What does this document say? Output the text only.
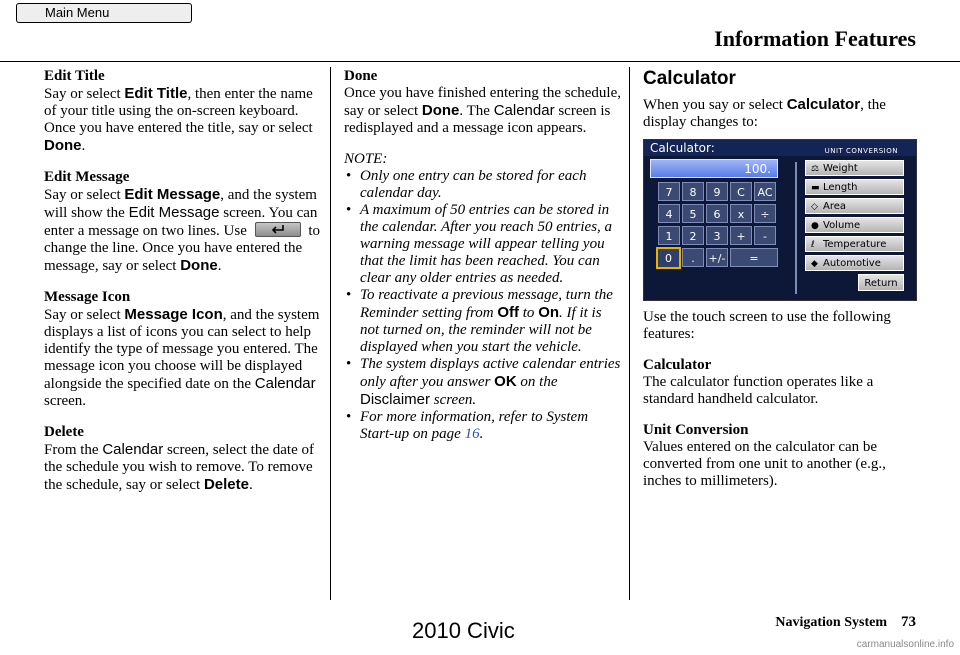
Main Menu
Information Features
Edit Title

Say or select Edit Title, then enter the name of your title using the on-screen keyboard. Once you have entered the title, say or select Done.

Edit Message

Say or select Edit Message, and the system will show the Edit Message screen. You can enter a message on two lines. Use	to change the line. Once you have entered the message, say or select Done.

Message Icon

Say or select Message Icon, and the system displays a list of icons you can select to help identify the type of message you entered. The message icon you choose will be displayed alongside the specified date on the Calendar screen.

Delete

From the Calendar screen, select the date of the schedule you wish to remove. To remove the schedule, say or select Delete.

Done

Once you have finished entering the schedule, say or select Done. The Calendar screen is redisplayed and a message icon appears.

NOTE:

• Only one entry can be stored for each calendar day.
• A maximum of 50 entries can be stored in the calendar. After you reach 50 entries, a warning message will appear telling you that the limit has been reached. You can clear any older entries as needed.
• To reactivate a previous message, turn the Reminder setting from Off to On. If it is not turned on, the reminder will not be displayed when you start the vehicle.
• The system displays active calendar entries only after you answer OK on the Disclaimer screen.
• For more information, refer to System Start-up on page 16.
Calculator

When you say or select Calculator, the display changes to:

Calculator:	UNIT CONVERSION
100.
7	8	9	C	AC
4	5	6	x	÷
1	2	3	+	-
0	.	+/-	=
⚖ Weight
▬ Length
◇ Area
● Volume
ℓ Temperature
◆ Automotive
Return

Use the touch screen to use the following features:

Calculator

The calculator function operates like a standard handheld calculator.

Unit Conversion

Values entered on the calculator can be converted from one unit to another (e.g., inches to millimeters).

Navigation System 73
2010 Civic
carmanualsonline.info
